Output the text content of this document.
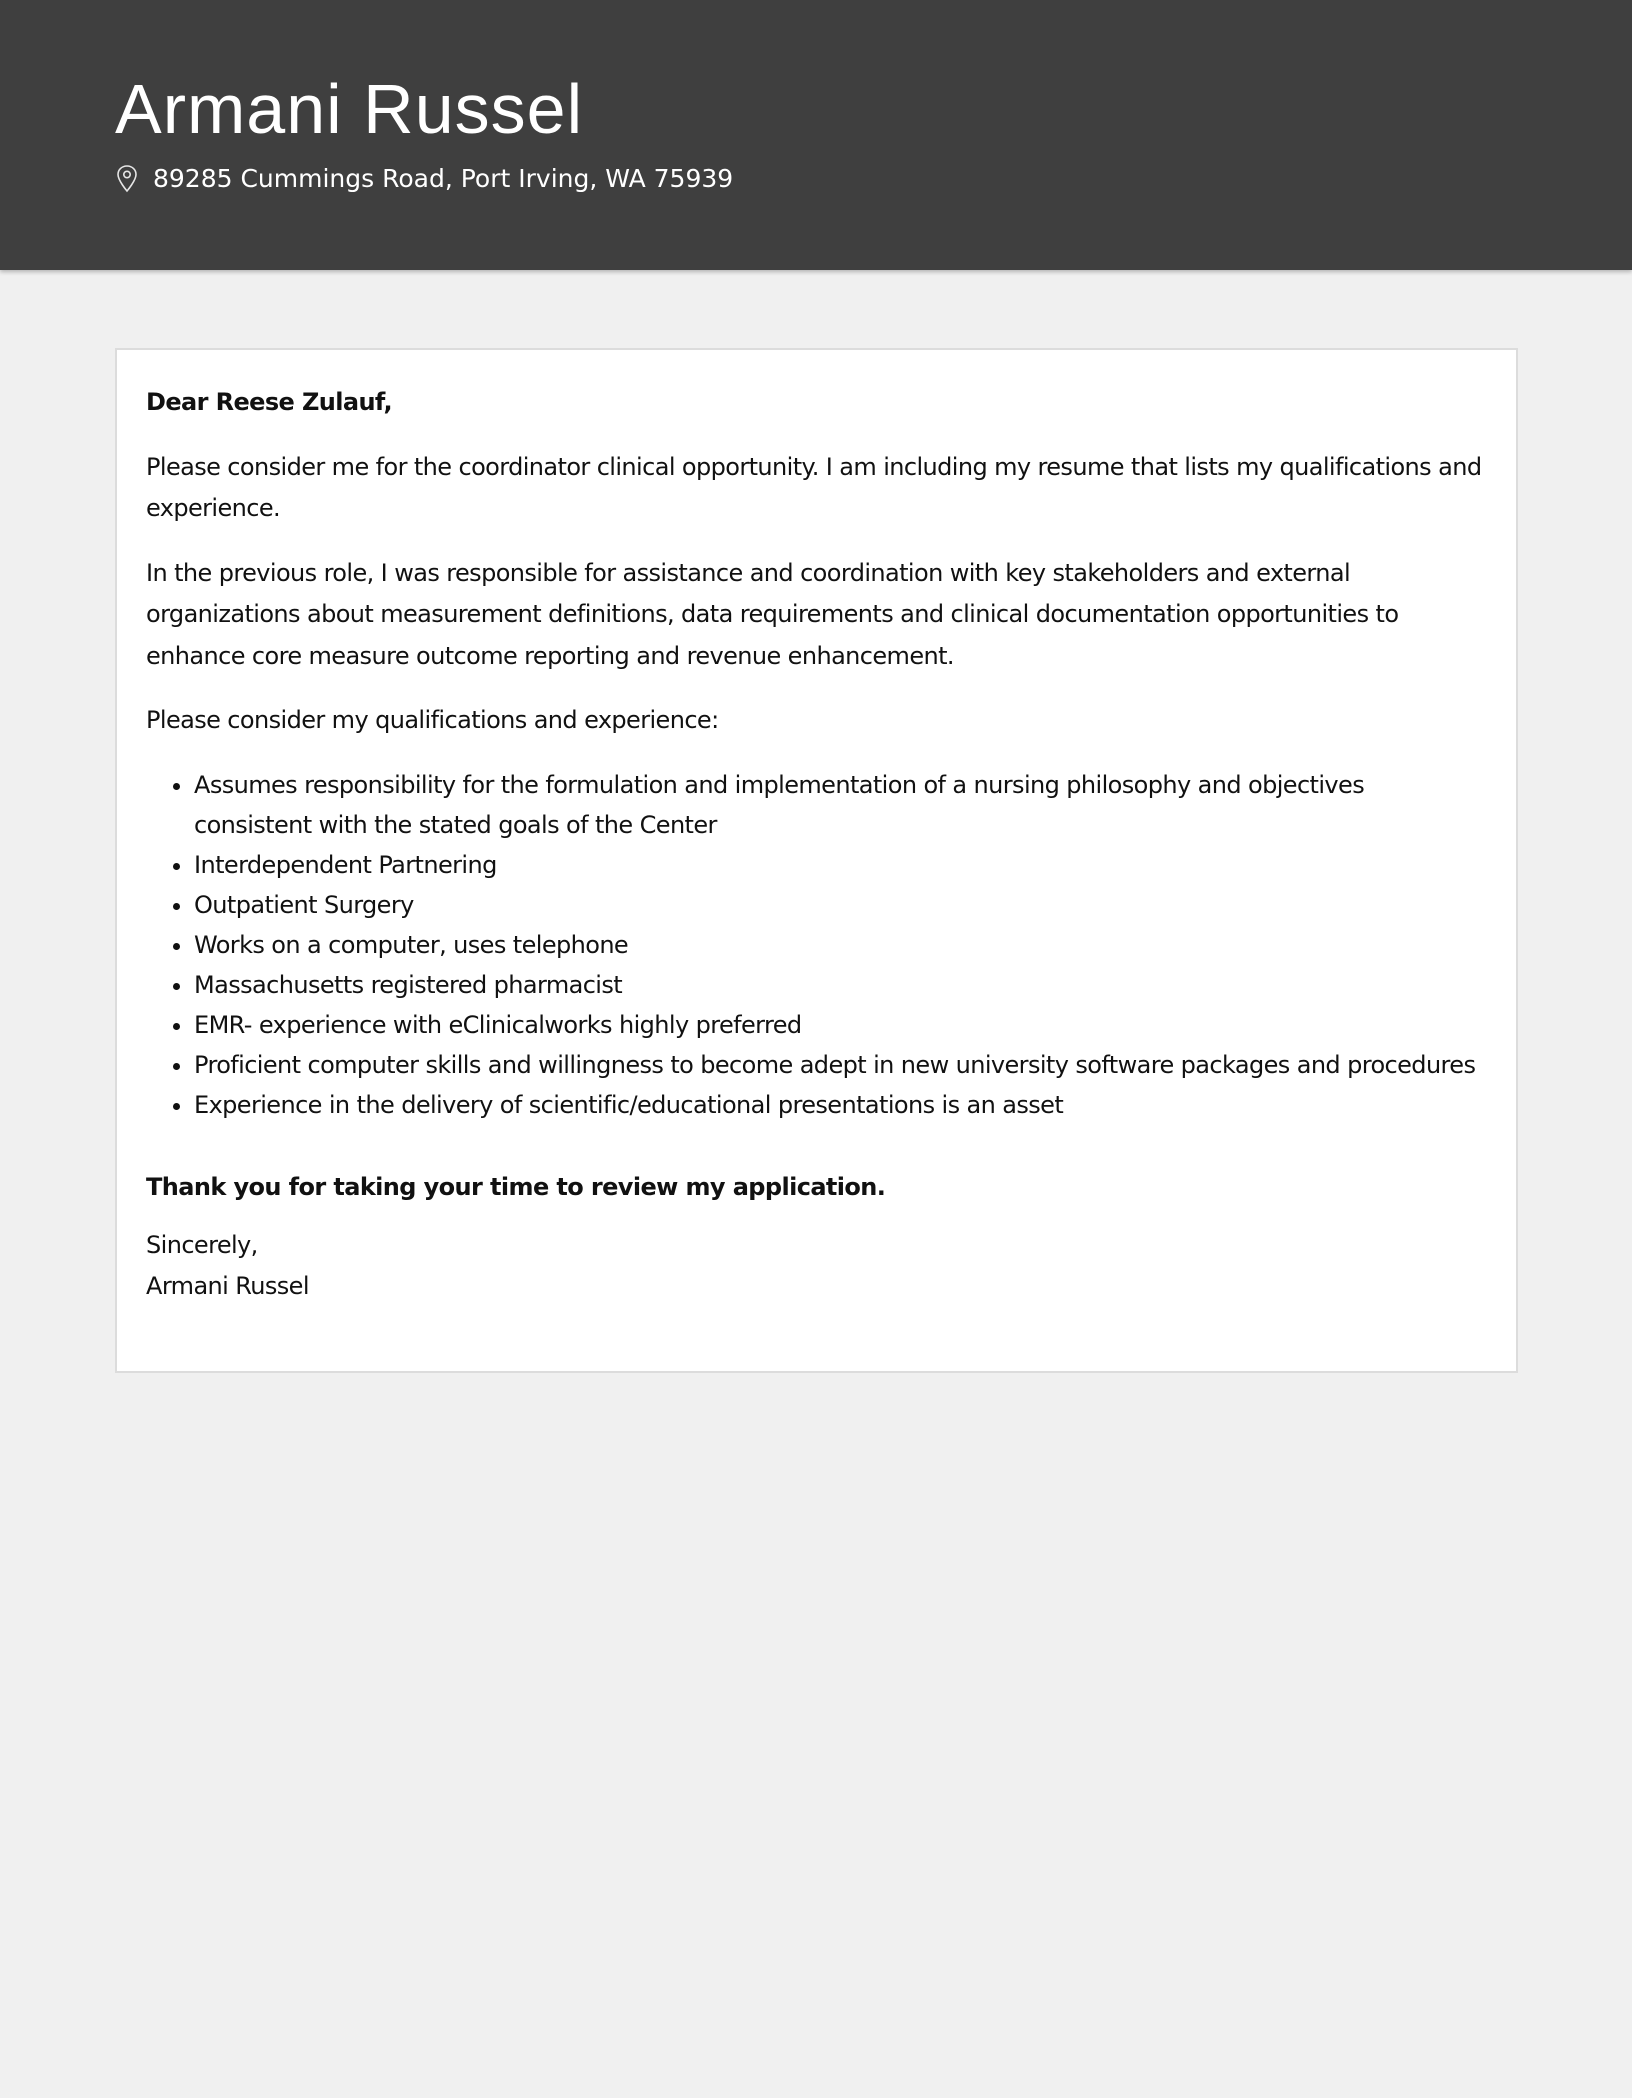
Armani Russel
89285 Cummings Road, Port Irving, WA 75939

Dear Reese Zulauf,

Please consider me for the coordinator clinical opportunity. I am including my resume that lists my qualifications and experience.

In the previous role, I was responsible for assistance and coordination with key stakeholders and external organizations about measurement definitions, data requirements and clinical documentation opportunities to enhance core measure outcome reporting and revenue enhancement.

Please consider my qualifications and experience:

• Assumes responsibility for the formulation and implementation of a nursing philosophy and objectives consistent with the stated goals of the Center
• Interdependent Partnering
• Outpatient Surgery
• Works on a computer, uses telephone
• Massachusetts registered pharmacist
• EMR- experience with eClinicalworks highly preferred
• Proficient computer skills and willingness to become adept in new university software packages and procedures
• Experience in the delivery of scientific/educational presentations is an asset

Thank you for taking your time to review my application.

Sincerely,

Armani Russel
